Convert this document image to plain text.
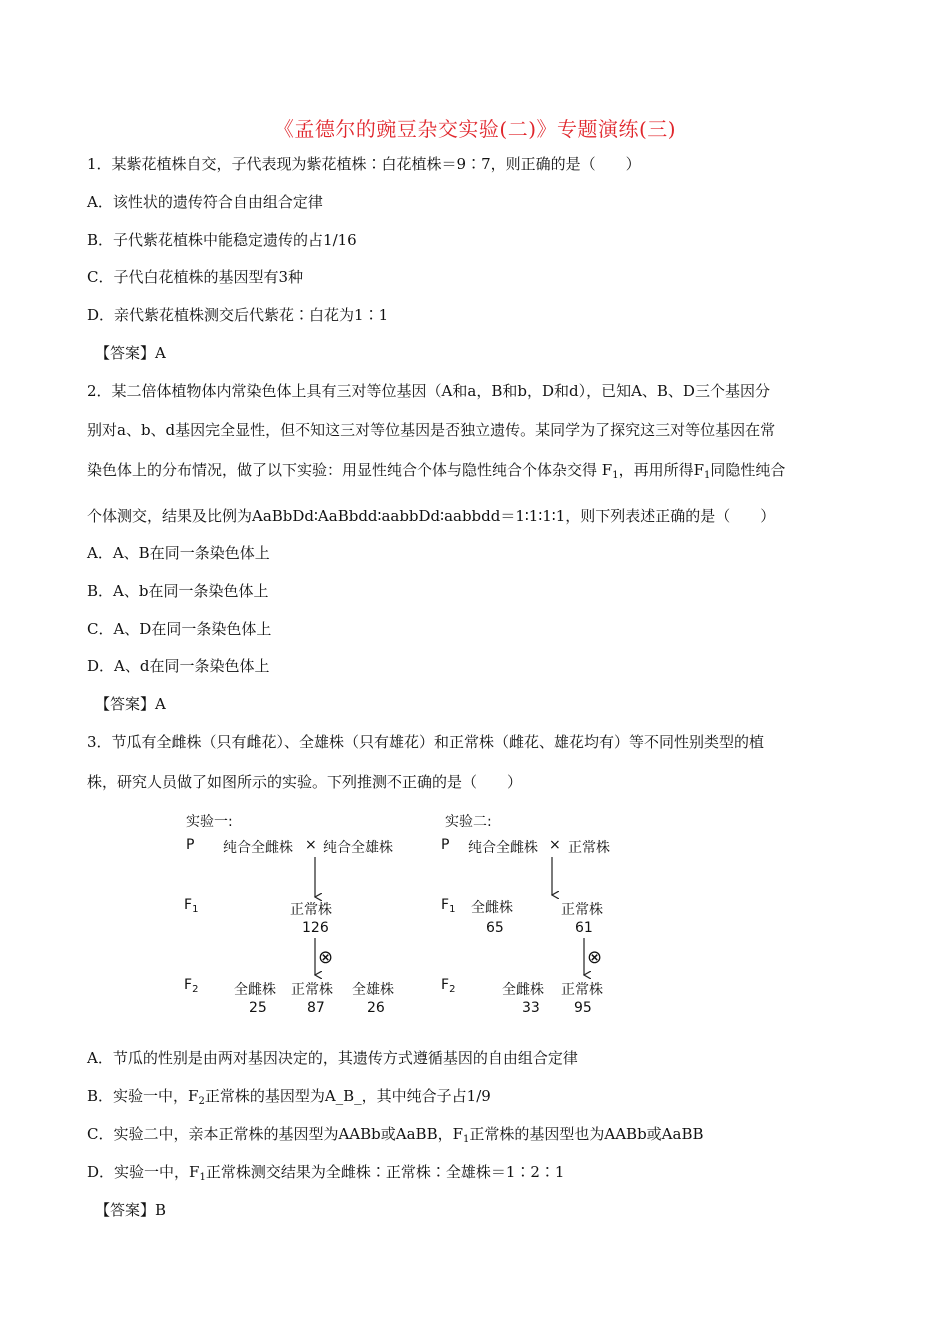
《孟德尔的豌豆杂交实验(二)》专题演练(三)
1．某紫花植株自交，子代表现为紫花植株∶白花植株＝9∶7，则正确的是（　　）
A．该性状的遗传符合自由组合定律
B．子代紫花植株中能稳定遗传的占1/16
C．子代白花植株的基因型有3种
D．亲代紫花植株测交后代紫花∶白花为1∶1
【答案】A
2．某二倍体植物体内常染色体上具有三对等位基因（A和a，B和b，D和d），已知A、B、D三个基因分
别对a、b、d基因完全显性，但不知这三对等位基因是否独立遗传。某同学为了探究这三对等位基因在常
染色体上的分布情况，做了以下实验：用显性纯合个体与隐性纯合个体杂交得 $F_1$，再用所得$F_1$同隐性纯合
个体测交，结果及比例为AaBbDd∶AaBbdd∶aabbDd∶aabbdd＝1∶1∶1∶1，则下列表述正确的是（　　）
A．A、B在同一条染色体上
B．A、b在同一条染色体上
C．A、D在同一条染色体上
D．A、d在同一条染色体上
【答案】A
3．节瓜有全雌株（只有雌花）、全雄株（只有雄花）和正常株（雌花、雄花均有）等不同性别类型的植
株，研究人员做了如图所示的实验。下列推测不正确的是（　　）
实验一:
P 纯合全雌株 × 纯合全雄株
$F_1$	正常株
126
⊗
$F_2$	全雌株
25
正常株
87
全雄株
26
实验二:
P 纯合全雌株 × 正常株
$F_1$ 全雌株
65
正常株
61
⊗
$F_2$	全雌株
33
正常株
95
A．节瓜的性别是由两对基因决定的，其遗传方式遵循基因的自由组合定律
B．实验一中，$F_2$正常株的基因型为A_B_，其中纯合子占1/9
C．实验二中，亲本正常株的基因型为AABb或AaBB，$F_1$正常株的基因型也为AABb或AaBB
D．实验一中，$F_1$正常株测交结果为全雌株∶正常株∶全雄株＝1∶2∶1
【答案】B
